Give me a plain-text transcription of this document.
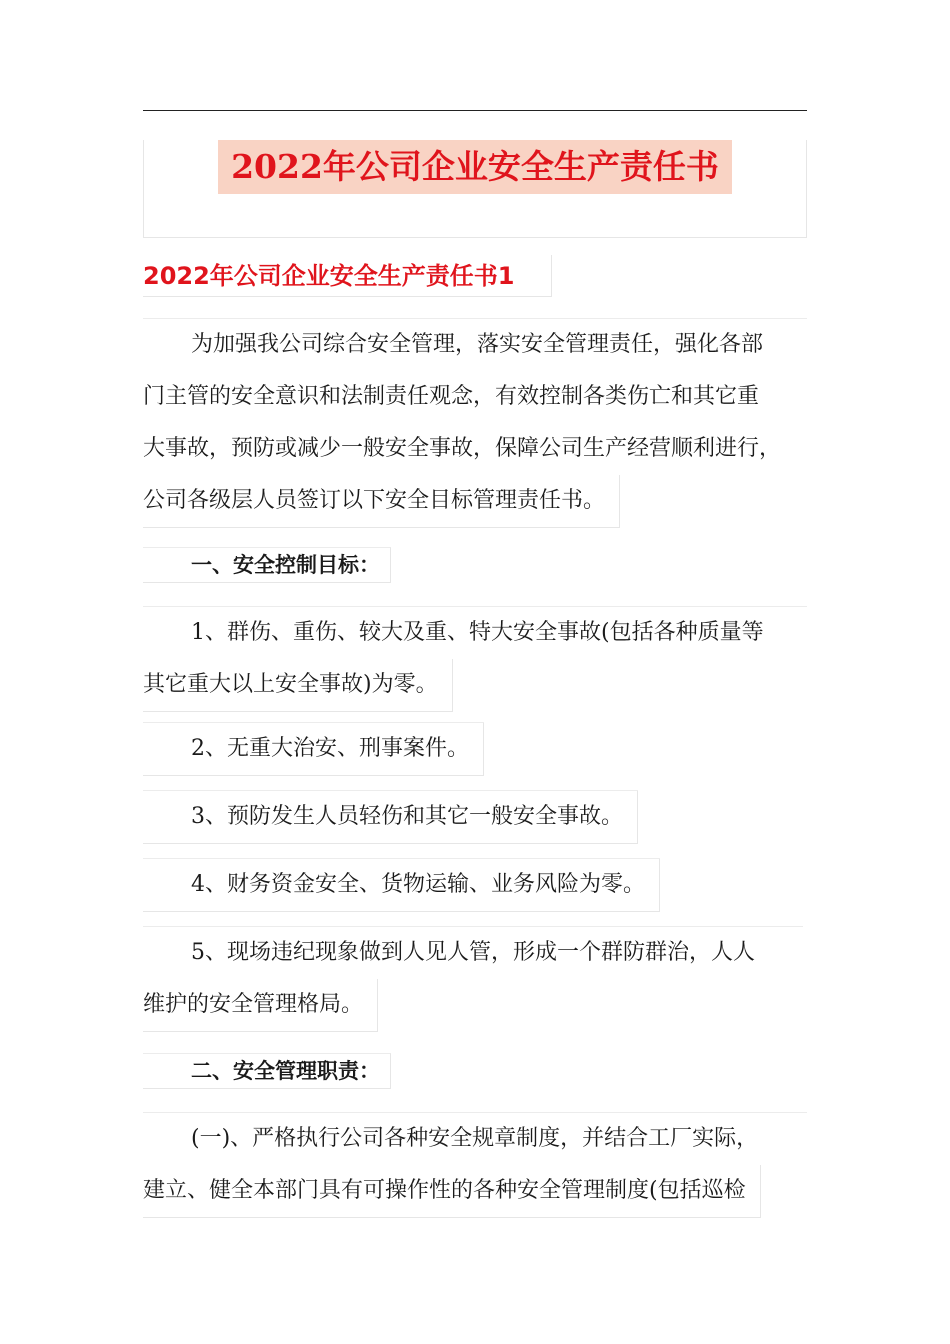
2022年公司企业安全生产责任书
2022年公司企业安全生产责任书1
为加强我公司综合安全管理，落实安全管理责任，强化各部
门主管的安全意识和法制责任观念，有效控制各类伤亡和其它重
大事故，预防或减少一般安全事故，保障公司生产经营顺利进行，
公司各级层人员签订以下安全目标管理责任书。
一、安全控制目标：
1、群伤、重伤、较大及重、特大安全事故(包括各种质量等
其它重大以上安全事故)为零。
2、无重大治安、刑事案件。
3、预防发生人员轻伤和其它一般安全事故。
4、财务资金安全、货物运输、业务风险为零。
5、现场违纪现象做到人见人管，形成一个群防群治，人人
维护的安全管理格局。
二、安全管理职责：
(一)、严格执行公司各种安全规章制度，并结合工厂实际，
建立、健全本部门具有可操作性的各种安全管理制度(包括巡检
